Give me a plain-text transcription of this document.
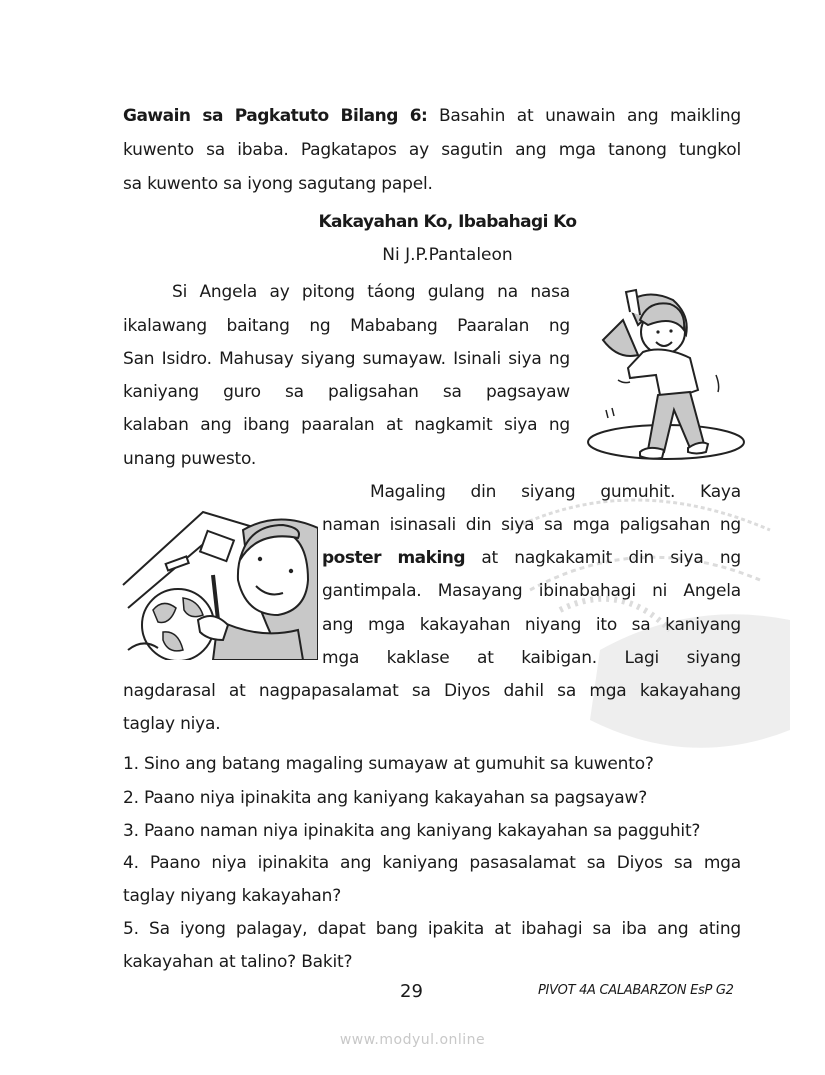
Gawain sa Pagkatuto Bilang 6: Basahin at unawain ang maikling
kuwento sa ibaba. Pagkatapos ay sagutin ang mga tanong tungkol
sa kuwento sa iyong sagutang papel.
Kakayahan Ko, Ibabahagi Ko
Ni J.P.Pantaleon
Si Angela ay pitong táong gulang na nasa
ikalawang baitang ng Mababang Paaralan ng
San Isidro. Mahusay siyang sumayaw. Isinali siya ng
kaniyang guro sa paligsahan sa pagsayaw
kalaban ang ibang paaralan at nagkamit siya ng
unang puwesto.
Magaling din siyang gumuhit. Kaya
naman isinasali din siya sa mga paligsahan ng
poster making at nagkakamit din siya ng
gantimpala. Masayang ibinabahagi ni Angela
ang mga kakayahan niyang ito sa kaniyang
mga kaklase at kaibigan. Lagi siyang
nagdarasal at nagpapasalamat sa Diyos dahil sa mga kakayahang
taglay niya.
1. Sino ang batang magaling sumayaw at gumuhit sa kuwento?
2. Paano niya ipinakita ang kaniyang kakayahan sa pagsayaw?
3. Paano naman niya ipinakita ang kaniyang kakayahan sa pagguhit?
4. Paano niya ipinakita ang kaniyang pasasalamat sa Diyos sa mga
taglay niyang kakayahan?
5. Sa iyong palagay, dapat bang ipakita at ibahagi sa iba ang ating
kakayahan at talino? Bakit?
29	PIVOT 4A CALABARZON EsP G2
www.modyul.online
